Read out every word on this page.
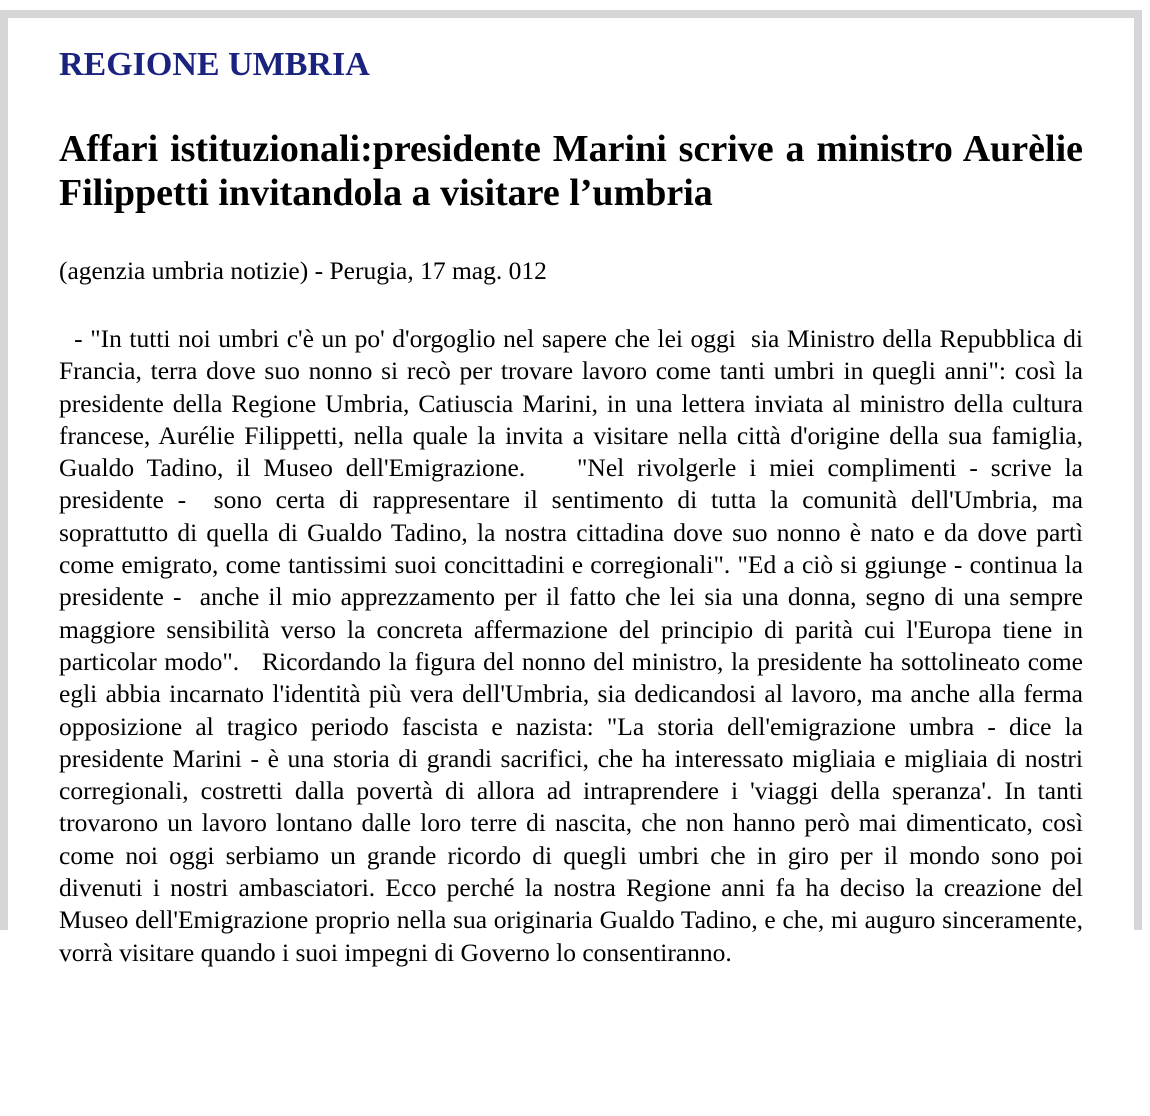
REGIONE UMBRIA
Affari istituzionali:presidente Marini scrive a ministro Aurèlie Filippetti invitandola a visitare l’umbria

(agenzia umbria notizie) - Perugia, 17 mag. 012

- "In tutti noi umbri c'è un po' d'orgoglio nel sapere che lei oggi  sia Ministro della Repubblica di Francia, terra dove suo nonno si recò per trovare lavoro come tanti umbri in quegli anni": così la presidente della Regione Umbria, Catiuscia Marini, in una lettera inviata al ministro della cultura francese, Aurélie Filippetti, nella quale la invita a visitare nella città d'origine della sua famiglia, Gualdo Tadino, il Museo dell'Emigrazione.    "Nel rivolgerle i miei complimenti - scrive la presidente -  sono certa di rappresentare il sentimento di tutta la comunità dell'Umbria, ma soprattutto di quella di Gualdo Tadino, la nostra cittadina dove suo nonno è nato e da dove partì come emigrato, come tantissimi suoi concittadini e corregionali". "Ed a ciò si ggiunge - continua la presidente -  anche il mio apprezzamento per il fatto che lei sia una donna, segno di una sempre maggiore sensibilità verso la concreta affermazione del principio di parità cui l'Europa tiene in particolar modo".   Ricordando la figura del nonno del ministro, la presidente ha sottolineato come egli abbia incarnato l'identità più vera dell'Umbria, sia dedicandosi al lavoro, ma anche alla ferma opposizione al tragico periodo fascista e nazista: "La storia dell'emigrazione umbra - dice la presidente Marini - è una storia di grandi sacrifici, che ha interessato migliaia e migliaia di nostri corregionali, costretti dalla povertà di allora ad intraprendere i 'viaggi della speranza'. In tanti trovarono un lavoro lontano dalle loro terre di nascita, che non hanno però mai dimenticato, così come noi oggi serbiamo un grande ricordo di quegli umbri che in giro per il mondo sono poi divenuti i nostri ambasciatori. Ecco perché la nostra Regione anni fa ha deciso la creazione del Museo dell'Emigrazione proprio nella sua originaria Gualdo Tadino, e che, mi auguro sinceramente,  vorrà visitare quando i suoi impegni di Governo lo consentiranno.
